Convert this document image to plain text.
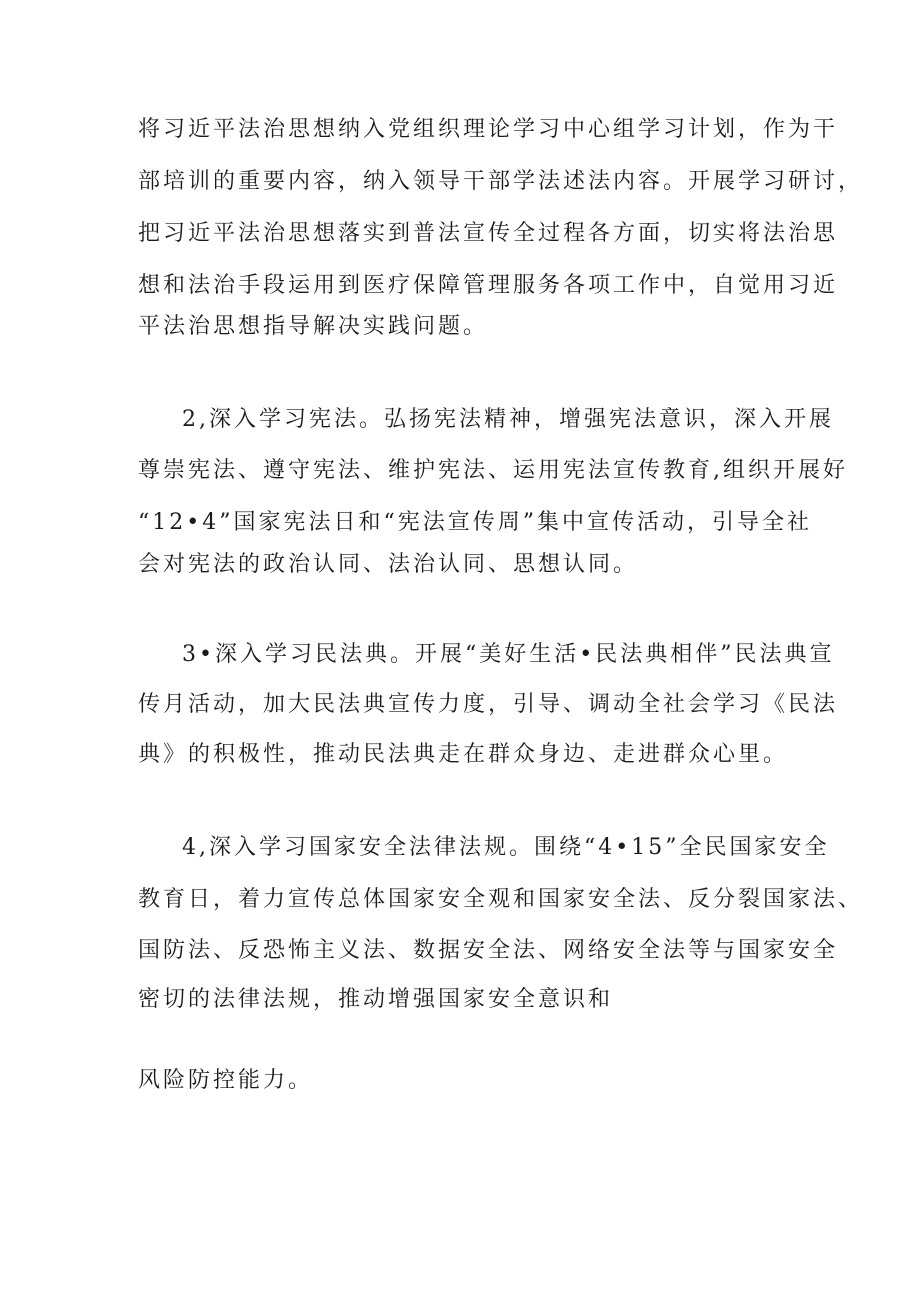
将习近平法治思想纳入党组织理论学习中心组学习计划，作为干
部培训的重要内容，纳入领导干部学法述法内容。开展学习研讨，
把习近平法治思想落实到普法宣传全过程各方面，切实将法治思
想和法治手段运用到医疗保障管理服务各项工作中，自觉用习近
平法治思想指导解决实践问题。
2,深入学习宪法。弘扬宪法精神，增强宪法意识，深入开展
尊崇宪法、遵守宪法、维护宪法、运用宪法宣传教育,组织开展好
“12•4”国家宪法日和“宪法宣传周”集中宣传活动，引导全社
会对宪法的政治认同、法治认同、思想认同。
3•深入学习民法典。开展“美好生活•民法典相伴”民法典宣
传月活动，加大民法典宣传力度，引导、调动全社会学习《民法
典》的积极性，推动民法典走在群众身边、走进群众心里。
4,深入学习国家安全法律法规。围绕“4•15”全民国家安全
教育日，着力宣传总体国家安全观和国家安全法、反分裂国家法、
国防法、反恐怖主义法、数据安全法、网络安全法等与国家安全
密切的法律法规，推动增强国家安全意识和
风险防控能力。
